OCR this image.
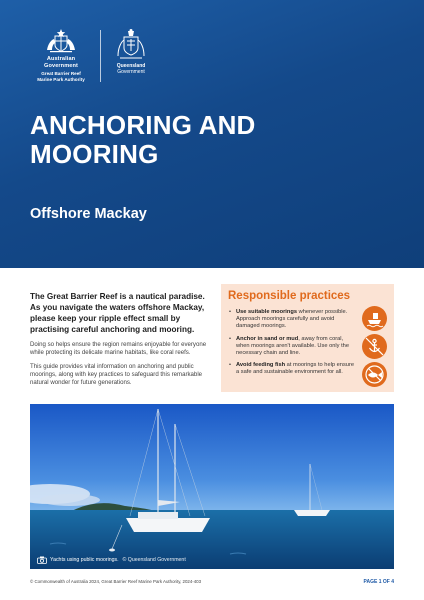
Australian Government
Great Barrier Reef
Marine Park Authority
Queensland
Government
ANCHORING AND
MOORING
Offshore Mackay

The Great Barrier Reef is a nautical paradise. As you navigate the waters offshore Mackay, please keep your ripple effect small by practising careful anchoring and mooring.

Doing so helps ensure the region remains enjoyable for everyone while protecting its delicate marine habitats, like coral reefs.

This guide provides vital information on anchoring and public moorings, along with key practices to safeguard this remarkable natural wonder for future generations.

Responsible practices
• Use suitable moorings whenever possible. Approach moorings carefully and avoid damaged moorings.
• Anchor in sand or mud, away from coral, when moorings aren't available. Use only the necessary chain and line.
• Avoid feeding fish at moorings to help ensure a safe and sustainable environment for all.
Yachts using public moorings. © Queensland Government
© Commonwealth of Australia 2024, Great Barrier Reef Marine Park Authority, 2024-403	PAGE 1 OF 4
